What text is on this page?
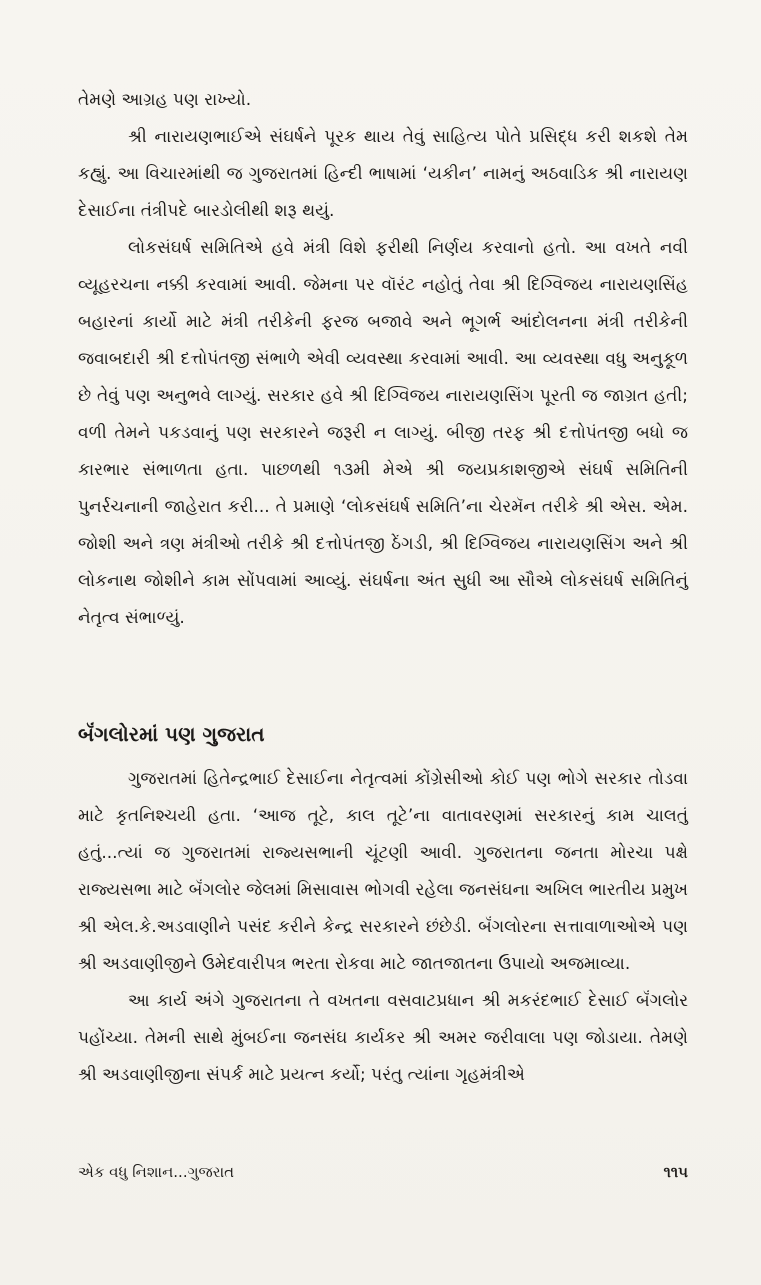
તેમણે આગ્રહ પણ રાખ્યો.

શ્રી નારાયણભાઈએ સંઘર્ષને પૂરક થાય તેવું સાહિત્ય પોતે પ્રસિદ્ધ કરી શકશે તેમ કહ્યું. આ વિચારમાંથી જ ગુજરાતમાં હિન્દી ભાષામાં ‘યકીન’ નામનું અઠવાડિક શ્રી નારાયણ દેસાઈના તંત્રીપદે બારડોલીથી શરૂ થયું.

લોકસંઘર્ષ સમિતિએ હવે મંત્રી વિશે ફરીથી નિર્ણય કરવાનો હતો. આ વખતે નવી વ્યૂહરચના નક્કી કરવામાં આવી. જેમના પર વૉરંટ નહોતું તેવા શ્રી દિગ્વિજય નારાયણસિંહ બહારનાં કાર્યો માટે મંત્રી તરીકેની ફરજ બજાવે અને ભૂગર્ભ આંદોલનના મંત્રી તરીકેની જવાબદારી શ્રી દત્તોપંતજી સંભાળે એવી વ્યવસ્થા કરવામાં આવી. આ વ્યવસ્થા વધુ અનુકૂળ છે તેવું પણ અનુભવે લાગ્યું. સરકાર હવે શ્રી દિગ્વિજય નારાયણસિંગ પૂરતી જ જાગ્રત હતી; વળી તેમને પકડવાનું પણ સરકારને જરૂરી ન લાગ્યું. બીજી તરફ શ્રી દત્તોપંતજી બધો જ કારભાર સંભાળતા હતા. પાછળથી ૧૩મી મેએ શ્રી જયપ્રકાશજીએ સંઘર્ષ સમિતિની પુનર્રચનાની જાહેરાત કરી... તે પ્રમાણે ‘લોકસંઘર્ષ સમિતિ’ના ચેરમૅન તરીકે શ્રી એસ. એમ. જોશી અને ત્રણ મંત્રીઓ તરીકે શ્રી દત્તોપંતજી ઠેંગડી, શ્રી દિગ્વિજય નારાયણસિંગ અને શ્રી લોકનાથ જોશીને કામ સોંપવામાં આવ્યું. સંઘર્ષના અંત સુધી આ સૌએ લોકસંઘર્ષ સમિતિનું નેતૃત્વ સંભાળ્યું.

બૅંગલોરમાં પણ ગુજરાત

ગુજરાતમાં હિતેન્દ્રભાઈ દેસાઈના નેતૃત્વમાં કોંગ્રેસીઓ કોઈ પણ ભોગે સરકાર તોડવા માટે કૃતનિશ્ચયી હતા. ‘આજ તૂટે, કાલ તૂટે’ના વાતાવરણમાં સરકારનું કામ ચાલતું હતું...ત્યાં જ ગુજરાતમાં રાજ્યસભાની ચૂંટણી આવી. ગુજરાતના જનતા મોરચા પક્ષે રાજ્યસભા માટે બૅંગલોર જેલમાં મિસાવાસ ભોગવી રહેલા જનસંઘના અખિલ ભારતીય પ્રમુખ શ્રી એલ.કે.અડવાણીને પસંદ કરીને કેન્દ્ર સરકારને છંછેડી. બૅંગલોરના સત્તાવાળાઓએ પણ શ્રી અડવાણીજીને ઉમેદવારીપત્ર ભરતા રોકવા માટે જાતજાતના ઉપાયો અજમાવ્યા.

આ કાર્ય અંગે ગુજરાતના તે વખતના વસવાટપ્રધાન શ્રી મકરંદભાઈ દેસાઈ બૅંગલોર પહોંચ્યા. તેમની સાથે મુંબઈના જનસંઘ કાર્યકર શ્રી અમર જરીવાલા પણ જોડાયા. તેમણે શ્રી અડવાણીજીના સંપર્ક માટે પ્રયત્ન કર્યો; પરંતુ ત્યાંના ગૃહમંત્રીએ

એક વધુ નિશાન...ગુજરાત	૧૧૫
